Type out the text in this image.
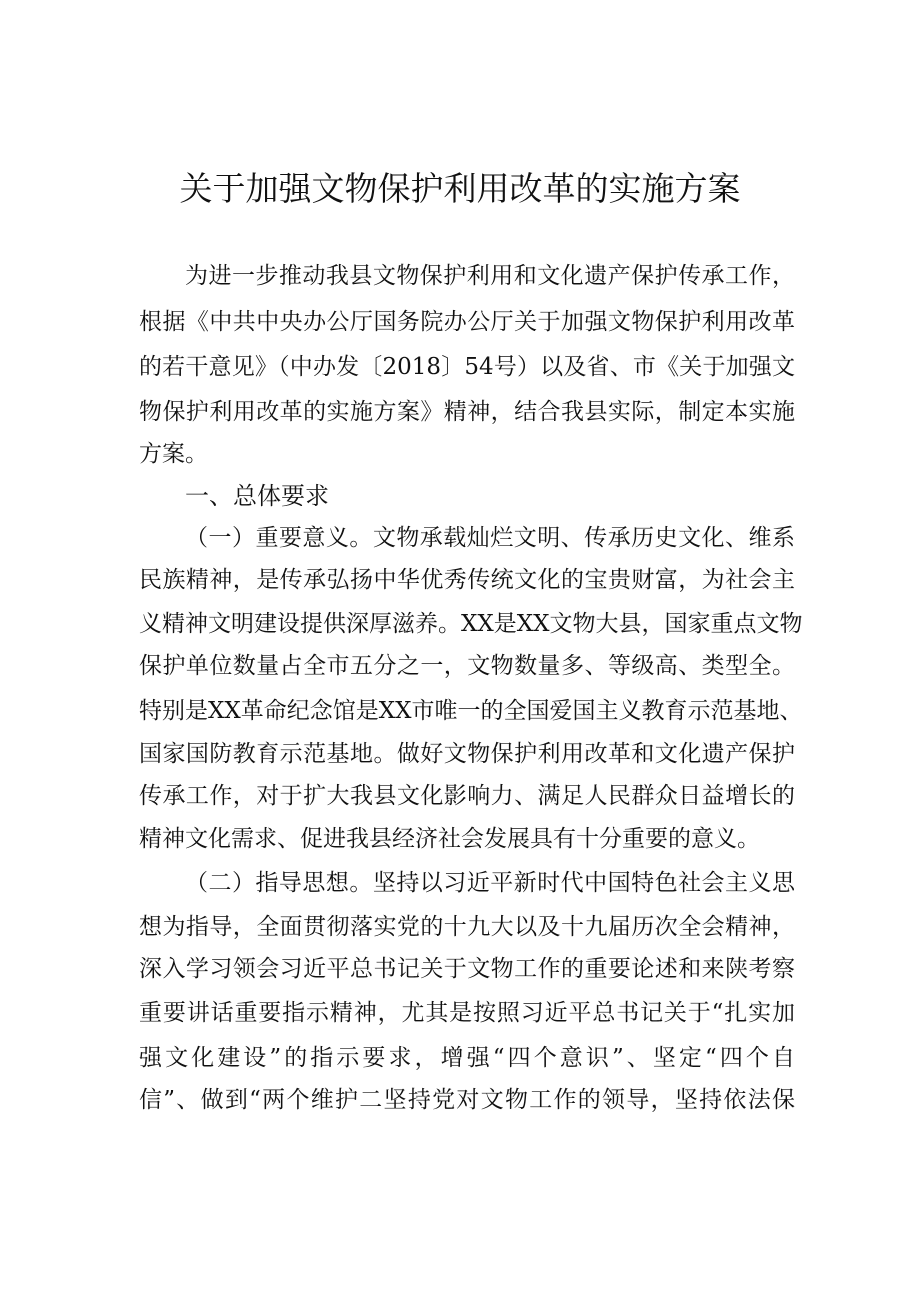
关于加强文物保护利用改革的实施方案

为进一步推动我县文物保护利用和文化遗产保护传承工作，

根据《中共中央办公厅国务院办公厅关于加强文物保护利用改革

的若干意见》（中办发〔2018〕54号）以及省、市《关于加强文

物保护利用改革的实施方案》精神，结合我县实际，制定本实施

方案。

一、总体要求

（一）重要意义。文物承载灿烂文明、传承历史文化、维系

民族精神，是传承弘扬中华优秀传统文化的宝贵财富，为社会主

义精神文明建设提供深厚滋养。XX是XX文物大县，国家重点文物

保护单位数量占全市五分之一，文物数量多、等级高、类型全。

特别是XX革命纪念馆是XX市唯一的全国爱国主义教育示范基地、

国家国防教育示范基地。做好文物保护利用改革和文化遗产保护

传承工作，对于扩大我县文化影响力、满足人民群众日益增长的

精神文化需求、促进我县经济社会发展具有十分重要的意义。

（二）指导思想。坚持以习近平新时代中国特色社会主义思

想为指导，全面贯彻落实党的十九大以及十九届历次全会精神，

深入学习领会习近平总书记关于文物工作的重要论述和来陕考察

重要讲话重要指示精神，尤其是按照习近平总书记关于“扎实加

强文化建设”的指示要求，增强“四个意识”、坚定“四个自

信”、做到“两个维护二坚持党对文物工作的领导，坚持依法保
